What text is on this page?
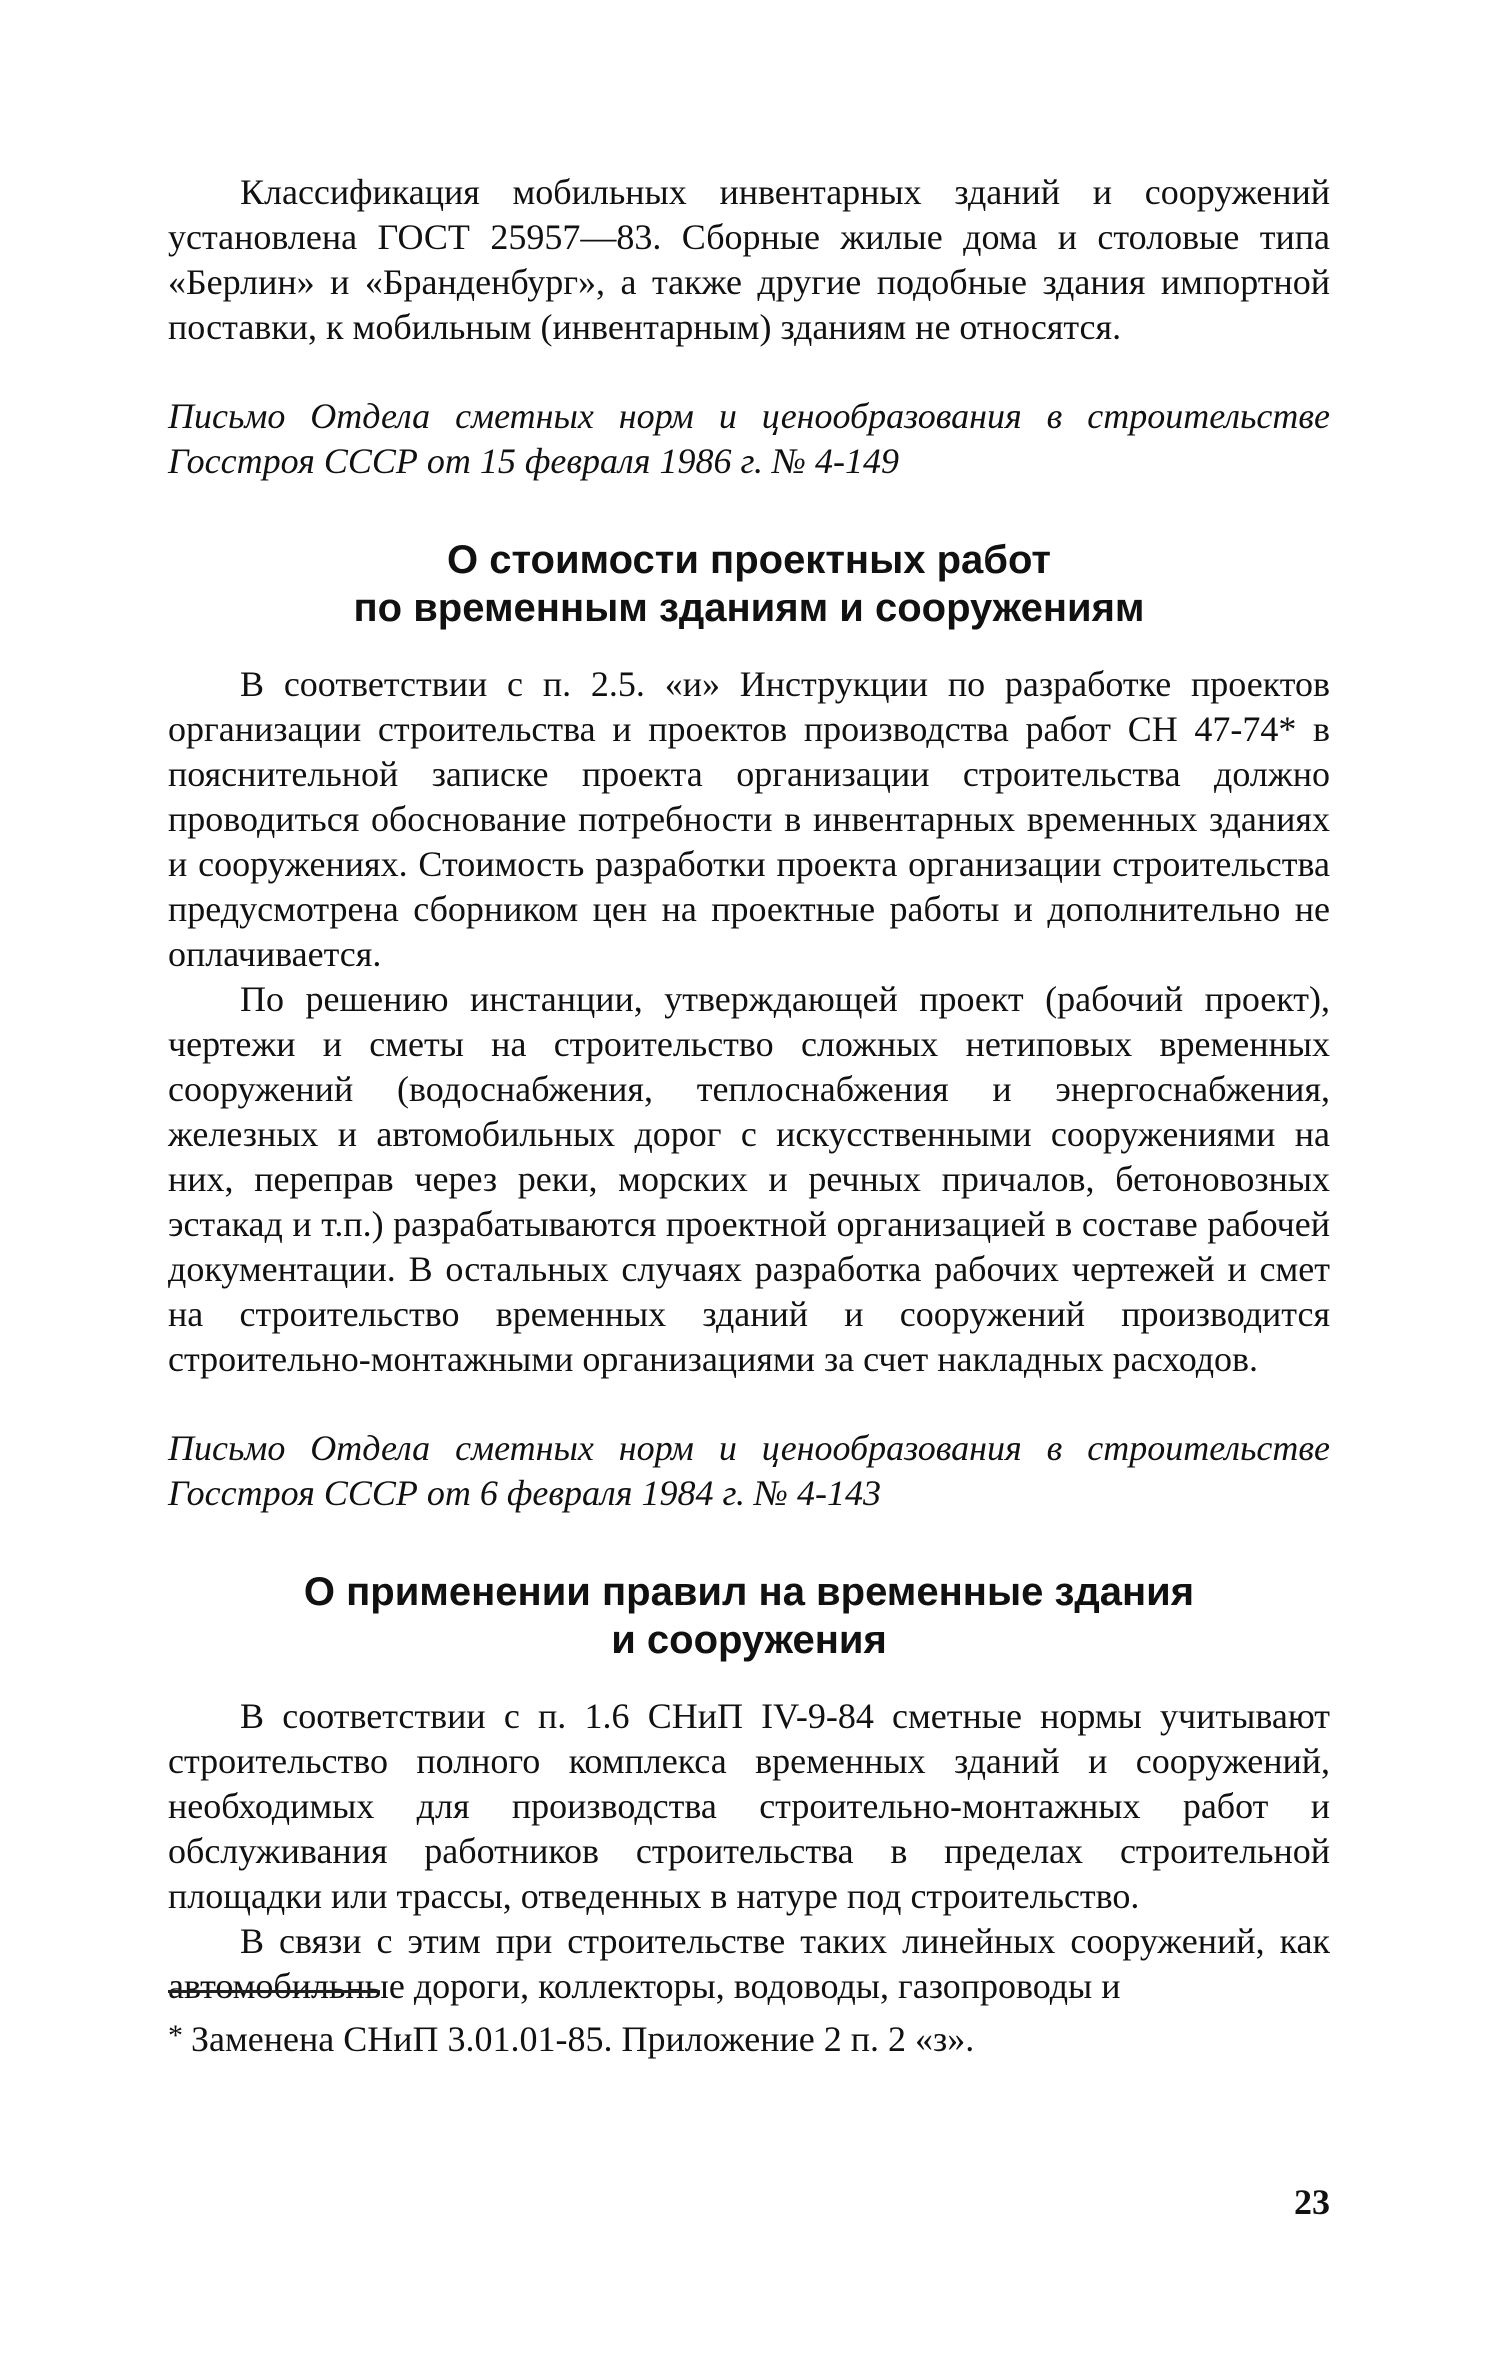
Классификация мобильных инвентарных зданий и сооружений установлена ГОСТ 25957—83. Сборные жилые дома и столовые типа «Берлин» и «Бранденбург», а также другие подобные здания импортной поставки, к мобильным (инвентарным) зданиям не относятся.

Письмо Отдела сметных норм и ценообразования в строительстве Госстроя СССР от 15 февраля 1986 г. № 4-149

О стоимости проектных работ
по временным зданиям и сооружениям

В соответствии с п. 2.5. «и» Инструкции по разработке проектов организации строительства и проектов производства работ СН 47-74* в пояснительной записке проекта организации строительства должно проводиться обоснование потребности в инвентарных временных зданиях и сооружениях. Стоимость разработки проекта организации строительства предусмотрена сборником цен на проектные работы и дополнительно не оплачивается.

По решению инстанции, утверждающей проект (рабочий проект), чертежи и сметы на строительство сложных нетиповых временных сооружений (водоснабжения, теплоснабжения и энергоснабжения, железных и автомобильных дорог с искусственными сооружениями на них, переправ через реки, морских и речных причалов, бетоновозных эстакад и т.п.) разрабатываются проектной организацией в составе рабочей документации. В остальных случаях разработка рабочих чертежей и смет на строительство временных зданий и сооружений производится строительно-монтажными организациями за счет накладных расходов.

Письмо Отдела сметных норм и ценообразования в строительстве Госстроя СССР от 6 февраля 1984 г. № 4-143

О применении правил на временные здания
и сооружения

В соответствии с п. 1.6 СНиП IV-9-84 сметные нормы учитывают строительство полного комплекса временных зданий и сооружений, необходимых для производства строительно-монтажных работ и обслуживания работников строительства в пределах строительной площадки или трассы, отведенных в натуре под строительство.

В связи с этим при строительстве таких линейных сооружений, как автомобильные дороги, коллекторы, водоводы, газопроводы и

* Заменена СНиП 3.01.01-85. Приложение 2 п. 2 «з».

23
